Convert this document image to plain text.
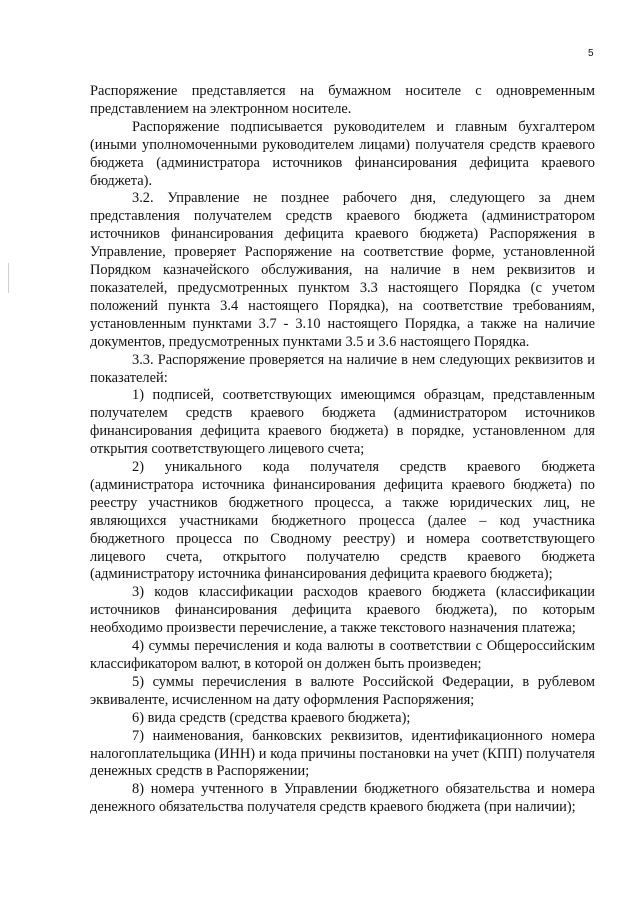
5

Распоряжение представляется на бумажном носителе с одновременным представлением на электронном носителе.

Распоряжение подписывается руководителем и главным бухгалтером (иными уполномоченными руководителем лицами) получателя средств краевого бюджета (администратора источников финансирования дефицита краевого бюджета).

3.2. Управление не позднее рабочего дня, следующего за днем представления получателем средств краевого бюджета (администратором источников финансирования дефицита краевого бюджета) Распоряжения в Управление, проверяет Распоряжение на соответствие форме, установленной Порядком казначейского обслуживания, на наличие в нем реквизитов и показателей, предусмотренных пунктом 3.3 настоящего Порядка (с учетом положений пункта 3.4 настоящего Порядка), на соответствие требованиям, установленным пунктами 3.7 - 3.10 настоящего Порядка, а также на наличие документов, предусмотренных пунктами 3.5 и 3.6 настоящего Порядка.

3.3. Распоряжение проверяется на наличие в нем следующих реквизитов и показателей:

1) подписей, соответствующих имеющимся образцам, представленным получателем средств краевого бюджета (администратором источников финансирования дефицита краевого бюджета) в порядке, установленном для открытия соответствующего лицевого счета;

2) уникального кода получателя средств краевого бюджета (администратора источника финансирования дефицита краевого бюджета) по реестру участников бюджетного процесса, а также юридических лиц, не являющихся участниками бюджетного процесса (далее – код участника бюджетного процесса по Сводному реестру) и номера соответствующего лицевого счета, открытого получателю средств краевого бюджета (администратору источника финансирования дефицита краевого бюджета);

3) кодов классификации расходов краевого бюджета (классификации источников финансирования дефицита краевого бюджета), по которым необходимо произвести перечисление, а также текстового назначения платежа;

4) суммы перечисления и кода валюты в соответствии с Общероссийским классификатором валют, в которой он должен быть произведен;

5) суммы перечисления в валюте Российской Федерации, в рублевом эквиваленте, исчисленном на дату оформления Распоряжения;

6) вида средств (средства краевого бюджета);

7) наименования, банковских реквизитов, идентификационного номера налогоплательщика (ИНН) и кода причины постановки на учет (КПП) получателя денежных средств в Распоряжении;

8) номера учтенного в Управлении бюджетного обязательства и номера денежного обязательства получателя средств краевого бюджета (при наличии);
